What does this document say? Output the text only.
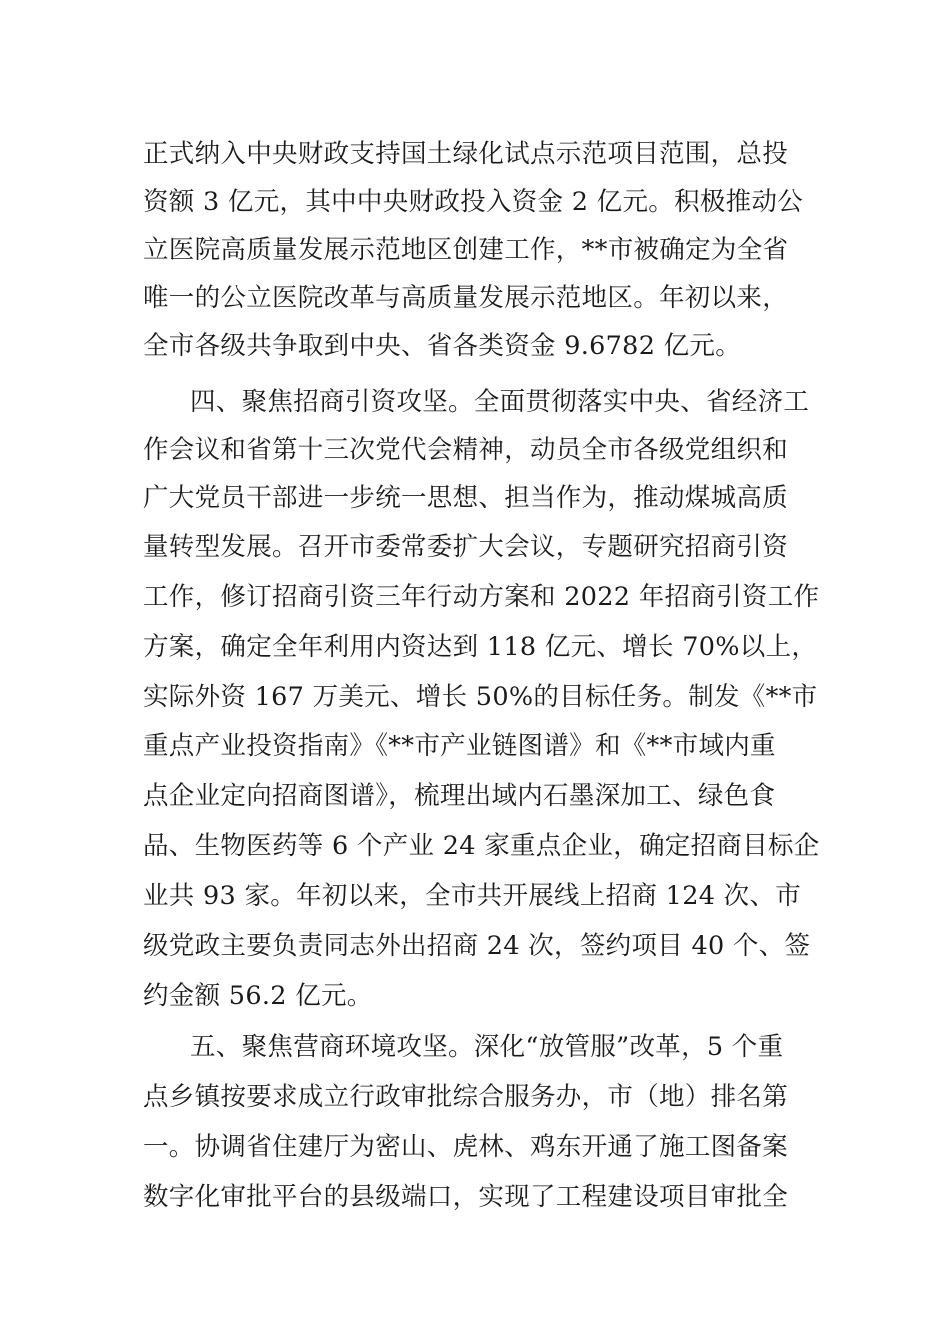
正式纳入中央财政支持国土绿化试点示范项目范围，总投
资额 3 亿元，其中中央财政投入资金 2 亿元。积极推动公
立医院高质量发展示范地区创建工作，**市被确定为全省
唯一的公立医院改革与高质量发展示范地区。年初以来，
全市各级共争取到中央、省各类资金 9.6782 亿元。
四、聚焦招商引资攻坚。全面贯彻落实中央、省经济工
作会议和省第十三次党代会精神，动员全市各级党组织和
广大党员干部进一步统一思想、担当作为，推动煤城高质
量转型发展。召开市委常委扩大会议，专题研究招商引资
工作，修订招商引资三年行动方案和 2022 年招商引资工作
方案，确定全年利用内资达到 118 亿元、增长 70%以上，
实际外资 167 万美元、增长 50%的目标任务。制发《**市
重点产业投资指南》《**市产业链图谱》和《**市域内重
点企业定向招商图谱》，梳理出域内石墨深加工、绿色食
品、生物医药等 6 个产业 24 家重点企业，确定招商目标企
业共 93 家。年初以来，全市共开展线上招商 124 次、市
级党政主要负责同志外出招商 24 次，签约项目 40 个、签
约金额 56.2 亿元。
五、聚焦营商环境攻坚。深化“放管服”改革，5 个重
点乡镇按要求成立行政审批综合服务办，市（地）排名第
一。协调省住建厅为密山、虎林、鸡东开通了施工图备案
数字化审批平台的县级端口，实现了工程建设项目审批全
